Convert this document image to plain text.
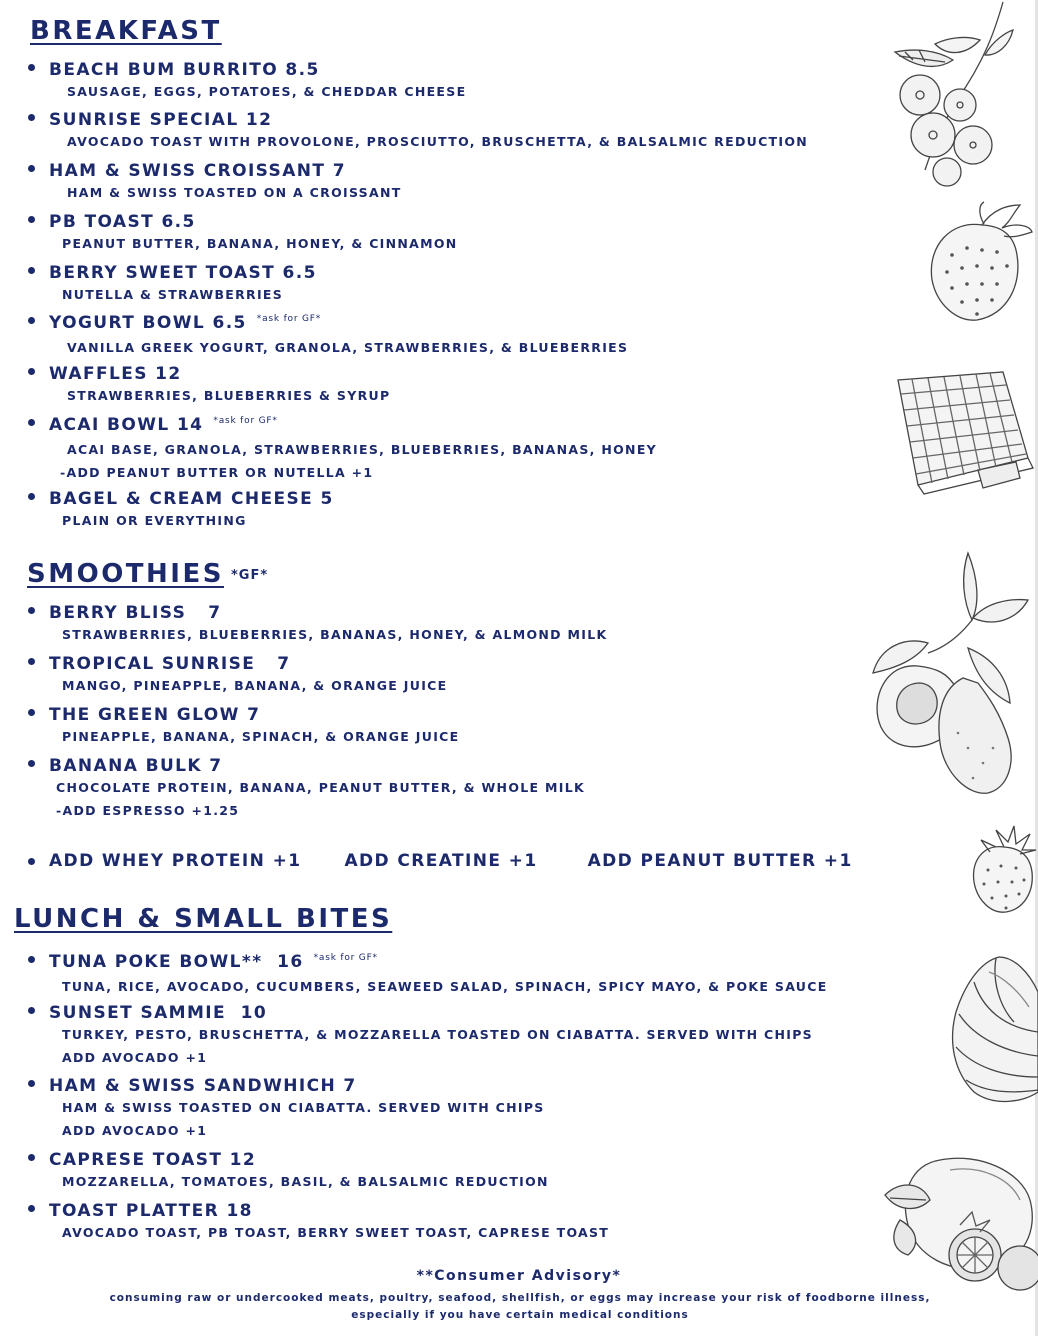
BREAKFAST
BEACH BUM BURRITO 8.5
SAUSAGE, EGGS, POTATOES, & CHEDDAR CHEESE
SUNRISE SPECIAL 12
AVOCADO TOAST WITH PROVOLONE, PROSCIUTTO, BRUSCHETTA, & BALSALMIC REDUCTION
HAM & SWISS CROISSANT 7
HAM & SWISS TOASTED ON A CROISSANT
PB TOAST 6.5
PEANUT BUTTER, BANANA, HONEY, & CINNAMON
BERRY SWEET TOAST 6.5
NUTELLA & STRAWBERRIES
YOGURT BOWL 6.5 *ask for GF*
VANILLA GREEK YOGURT, GRANOLA, STRAWBERRIES, & BLUEBERRIES
WAFFLES 12
STRAWBERRIES, BLUEBERRIES & SYRUP
ACAI BOWL 14 *ask for GF*
ACAI BASE, GRANOLA, STRAWBERRIES, BLUEBERRIES, BANANAS, HONEY
-ADD PEANUT BUTTER OR NUTELLA +1
BAGEL & CREAM CHEESE 5
PLAIN OR EVERYTHING
SMOOTHIES *GF*
BERRY BLISS   7
STRAWBERRIES, BLUEBERRIES, BANANAS, HONEY, & ALMOND MILK
TROPICAL SUNRISE   7
MANGO, PINEAPPLE, BANANA, & ORANGE JUICE
THE GREEN GLOW 7
PINEAPPLE, BANANA, SPINACH, & ORANGE JUICE
BANANA BULK 7
CHOCOLATE PROTEIN, BANANA, PEANUT BUTTER, & WHOLE MILK
-ADD ESPRESSO +1.25
ADD WHEY PROTEIN +1	ADD CREATINE +1	ADD PEANUT BUTTER +1
LUNCH & SMALL BITES
TUNA POKE BOWL**  16 *ask for GF*
TUNA, RICE, AVOCADO, CUCUMBERS, SEAWEED SALAD, SPINACH, SPICY MAYO, & POKE SAUCE
SUNSET SAMMIE  10
TURKEY, PESTO, BRUSCHETTA, & MOZZARELLA TOASTED ON CIABATTA. SERVED WITH CHIPS
ADD AVOCADO +1
HAM & SWISS SANDWHICH 7
HAM & SWISS TOASTED ON CIABATTA. SERVED WITH CHIPS
ADD AVOCADO +1
CAPRESE TOAST 12
MOZZARELLA, TOMATOES, BASIL, & BALSALMIC REDUCTION
TOAST PLATTER 18
AVOCADO TOAST, PB TOAST, BERRY SWEET TOAST, CAPRESE TOAST
**Consumer Advisory*
consuming raw or undercooked meats, poultry, seafood, shellfish, or eggs may increase your risk of foodborne illness, especially if you have certain medical conditions
